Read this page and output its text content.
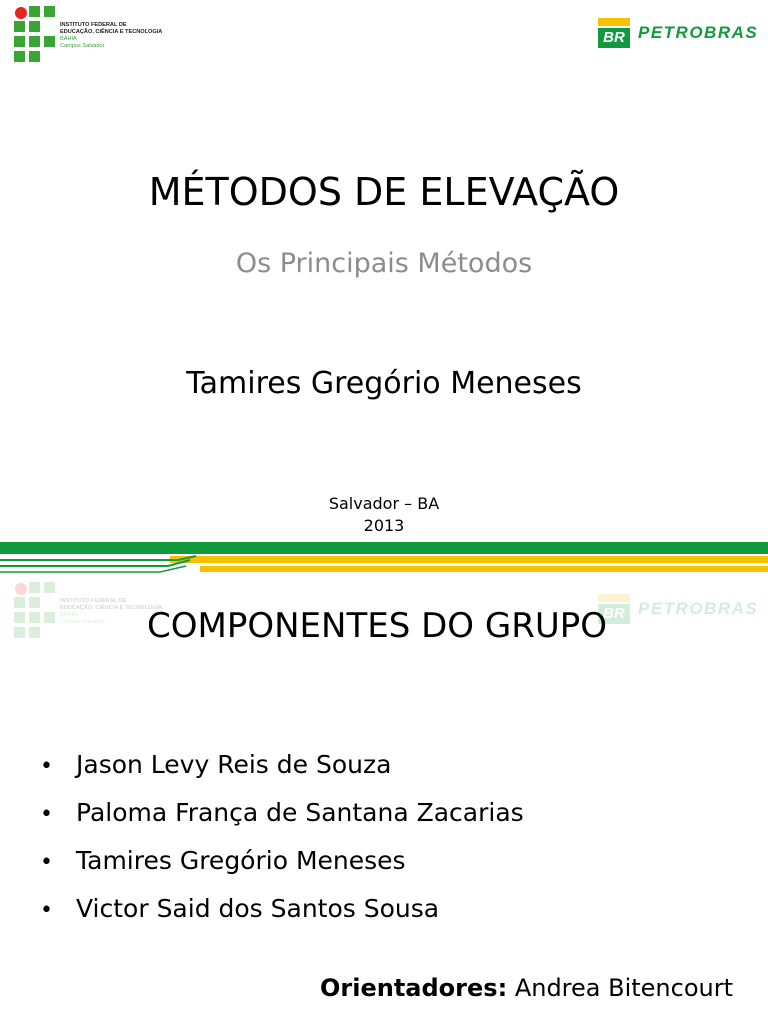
INSTITUTO FEDERAL DE
EDUCAÇÃO, CIÊNCIA E TECNOLOGIA
BAHIA
Campus Salvador	BR PETROBRAS
MÉTODOS DE ELEVAÇÃO
Os Principais Métodos
Tamires Gregório Meneses
Salvador – BA
2013
INSTITUTO FEDERAL DE
EDUCAÇÃO, CIÊNCIA E TECNOLOGIA
BAHIA
Campus Salvador	BR PETROBRAS
COMPONENTES DO GRUPO
• Jason Levy Reis de Souza
• Paloma França de Santana Zacarias
• Tamires Gregório Meneses
• Victor Said dos Santos Sousa
Orientadores: Andrea Bitencourt
